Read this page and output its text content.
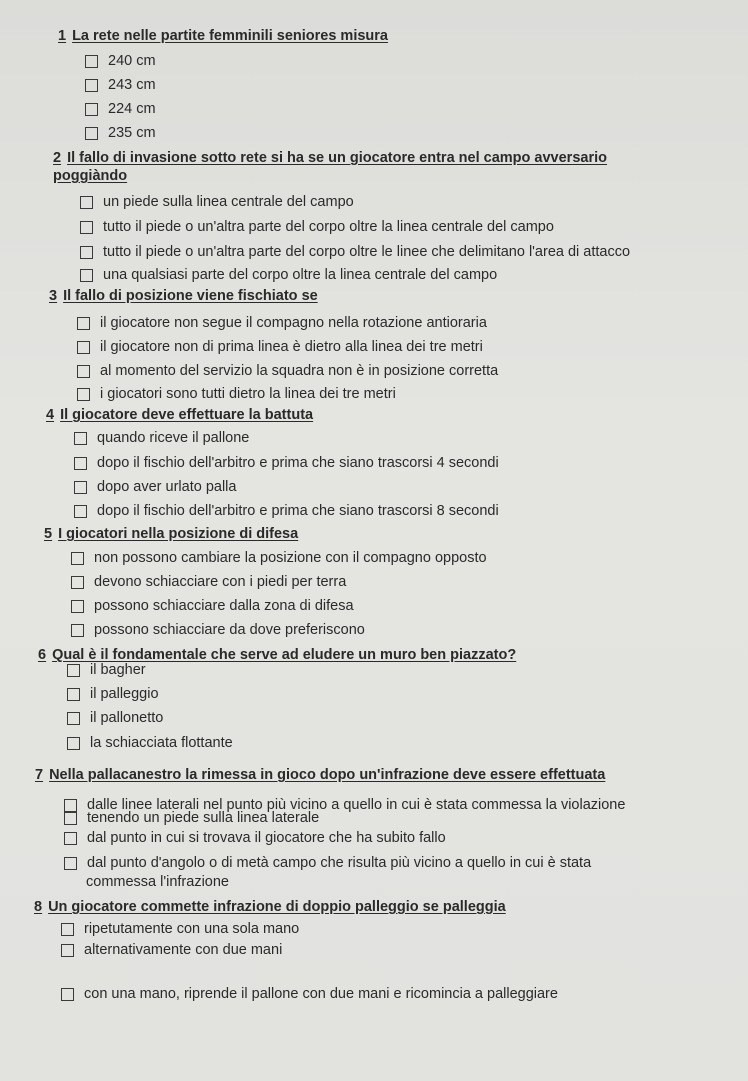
1 La rete nelle partite femminili seniores misura
240 cm
243 cm
224 cm
235 cm
2 Il fallo di invasione sotto rete si ha se un giocatore entra nel campo avversario
poggiàndo
un piede sulla linea centrale del campo
tutto il piede o un'altra parte del corpo oltre la linea centrale del campo
tutto il piede o un'altra parte del corpo oltre le linee che delimitano l'area di attacco
una qualsiasi parte del corpo oltre la linea centrale del campo
3 Il fallo di posizione viene fischiato se
il giocatore non segue il compagno nella rotazione antioraria
il giocatore non di prima linea è dietro alla linea dei tre metri
al momento del servizio la squadra non è in posizione corretta
i giocatori sono tutti dietro la linea dei tre metri
4 Il giocatore deve effettuare la battuta
quando riceve il pallone
dopo il fischio dell'arbitro e prima che siano trascorsi 4 secondi
dopo aver urlato palla
dopo il fischio dell'arbitro e prima che siano trascorsi 8 secondi
5 I giocatori nella posizione di difesa
non possono cambiare la posizione con il compagno opposto
devono schiacciare con i piedi per terra
possono schiacciare dalla zona di difesa
possono schiacciare da dove preferiscono
6 Qual è il fondamentale che serve ad eludere un muro ben piazzato?
il bagher
il palleggio
il pallonetto
la schiacciata flottante
7 Nella pallacanestro la rimessa in gioco dopo un'infrazione deve essere effettuata
dalle linee laterali nel punto più vicino a quello in cui è stata commessa la violazione
tenendo un piede sulla linea laterale
dal punto in cui si trovava il giocatore che ha subito fallo
dal punto d'angolo o di metà campo che risulta più vicino a quello in cui è stata
commessa l'infrazione
8 Un giocatore commette infrazione di doppio palleggio se palleggia
ripetutamente con una sola mano
alternativamente con due mani
con una mano, riprende il pallone con due mani e ricomincia a palleggiare
